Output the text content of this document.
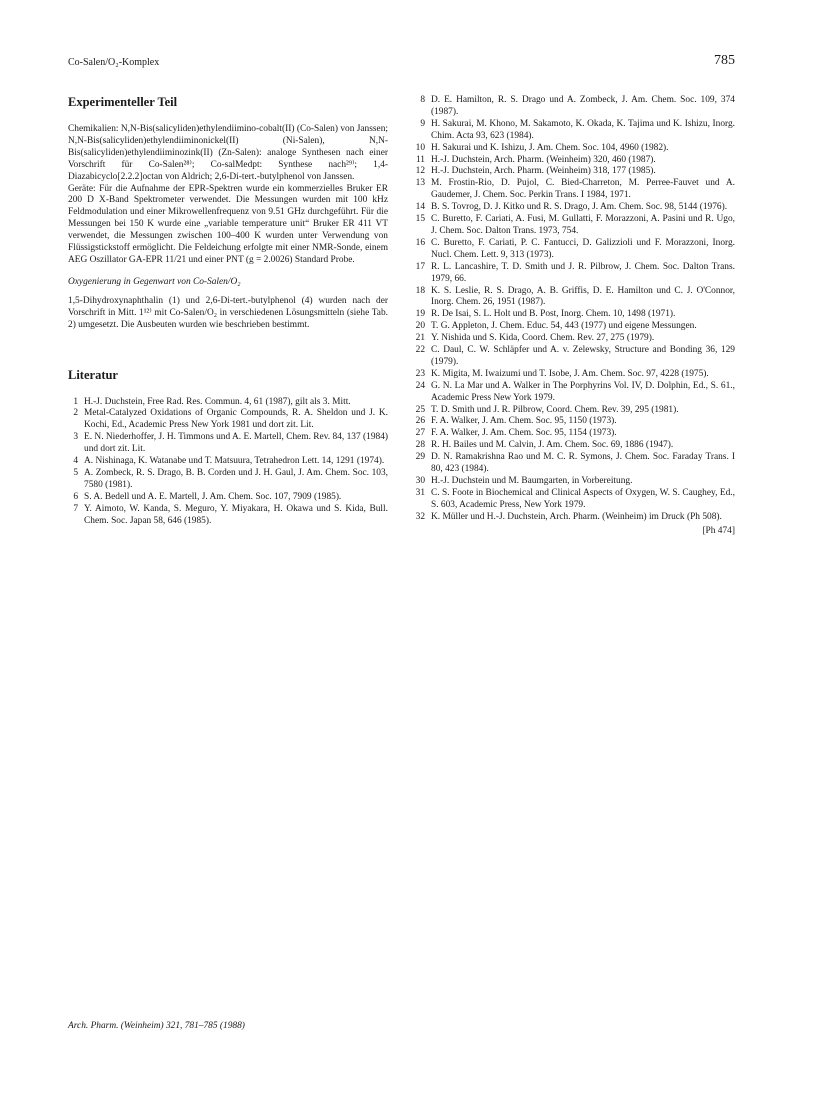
Co-Salen/O₂-Komplex	785
Experimenteller Teil
Chemikalien: N,N-Bis(salicyliden)ethylendiimino-cobalt(II) (Co-Salen) von Janssen; N,N-Bis(salicyliden)ethylendiiminonickel(II) (Ni-Salen), N,N-Bis(salicyliden)ethylendiiminozink(II) (Zn-Salen): analoge Synthesen nach einer Vorschrift für Co-Salen²⁸⁾; Co-salMedpt: Synthese nach²⁹⁾; 1,4-Diazabicyclo[2.2.2]octan von Aldrich; 2,6-Di-tert.-butylphenol von Janssen.
Geräte: Für die Aufnahme der EPR-Spektren wurde ein kommerzielles Bruker ER 200 D X-Band Spektrometer verwendet. Die Messungen wurden mit 100 kHz Feldmodulation und einer Mikrowellenfrequenz von 9.51 GHz durchgeführt. Für die Messungen bei 150 K wurde eine „variable temperature unit“ Bruker ER 411 VT verwendet, die Messungen zwischen 100–400 K wurden unter Verwendung von Flüssigstickstoff ermöglicht. Die Feldeichung erfolgte mit einer NMR-Sonde, einem AEG Oszillator GA-EPR 11/21 und einer PNT (g = 2.0026) Standard Probe.
Oxygenierung in Gegenwart von Co-Salen/O₂
1,5-Dihydroxynaphthalin (1) und 2,6-Di-tert.-butylphenol (4) wurden nach der Vorschrift in Mitt. 1¹²⁾ mit Co-Salen/O₂ in verschiedenen Lösungsmitteln (siehe Tab. 2) umgesetzt. Die Ausbeuten wurden wie beschrieben bestimmt.
Literatur
1 H.-J. Duchstein, Free Rad. Res. Commun. 4, 61 (1987), gilt als 3. Mitt.
2 Metal-Catalyzed Oxidations of Organic Compounds, R. A. Sheldon und J. K. Kochi, Ed., Academic Press New York 1981 und dort zit. Lit.
3 E. N. Niederhoffer, J. H. Timmons und A. E. Martell, Chem. Rev. 84, 137 (1984) und dort zit. Lit.
4 A. Nishinaga, K. Watanabe und T. Matsuura, Tetrahedron Lett. 14, 1291 (1974).
5 A. Zombeck, R. S. Drago, B. B. Corden und J. H. Gaul, J. Am. Chem. Soc. 103, 7580 (1981).
6 S. A. Bedell und A. E. Martell, J. Am. Chem. Soc. 107, 7909 (1985).
7 Y. Aimoto, W. Kanda, S. Meguro, Y. Miyakara, H. Okawa und S. Kida, Bull. Chem. Soc. Japan 58, 646 (1985).
8 D. E. Hamilton, R. S. Drago und A. Zombeck, J. Am. Chem. Soc. 109, 374 (1987).
9 H. Sakurai, M. Khono, M. Sakamoto, K. Okada, K. Tajima und K. Ishizu, Inorg. Chim. Acta 93, 623 (1984).
10 H. Sakurai und K. Ishizu, J. Am. Chem. Soc. 104, 4960 (1982).
11 H.-J. Duchstein, Arch. Pharm. (Weinheim) 320, 460 (1987).
12 H.-J. Duchstein, Arch. Pharm. (Weinheim) 318, 177 (1985).
13 M. Frostin-Rio, D. Pujol, C. Bied-Charreton, M. Perree-Fauvet und A. Gaudemer, J. Chem. Soc. Perkin Trans. I 1984, 1971.
14 B. S. Tovrog, D. J. Kitko und R. S. Drago, J. Am. Chem. Soc. 98, 5144 (1976).
15 C. Buretto, F. Cariati, A. Fusi, M. Gullatti, F. Morazzoni, A. Pasini und R. Ugo, J. Chem. Soc. Dalton Trans. 1973, 754.
16 C. Buretto, F. Cariati, P. C. Fantucci, D. Galizzioli und F. Morazzoni, Inorg. Nucl. Chem. Lett. 9, 313 (1973).
17 R. L. Lancashire, T. D. Smith und J. R. Pilbrow, J. Chem. Soc. Dalton Trans. 1979, 66.
18 K. S. Leslie, R. S. Drago, A. B. Griffis, D. E. Hamilton und C. J. O'Connor, Inorg. Chem. 26, 1951 (1987).
19 R. De Isai, S. L. Holt und B. Post, Inorg. Chem. 10, 1498 (1971).
20 T. G. Appleton, J. Chem. Educ. 54, 443 (1977) und eigene Messungen.
21 Y. Nishida und S. Kida, Coord. Chem. Rev. 27, 275 (1979).
22 C. Daul, C. W. Schläpfer und A. v. Zelewsky, Structure and Bonding 36, 129 (1979).
23 K. Migita, M. Iwaizumi und T. Isobe, J. Am. Chem. Soc. 97, 4228 (1975).
24 G. N. La Mar und A. Walker in The Porphyrins Vol. IV, D. Dolphin, Ed., S. 61., Academic Press New York 1979.
25 T. D. Smith und J. R. Pilbrow, Coord. Chem. Rev. 39, 295 (1981).
26 F. A. Walker, J. Am. Chem. Soc. 95, 1150 (1973).
27 F. A. Walker, J. Am. Chem. Soc. 95, 1154 (1973).
28 R. H. Bailes und M. Calvin, J. Am. Chem. Soc. 69, 1886 (1947).
29 D. N. Ramakrishna Rao und M. C. R. Symons, J. Chem. Soc. Faraday Trans. I 80, 423 (1984).
30 H.-J. Duchstein und M. Baumgarten, in Vorbereitung.
31 C. S. Foote in Biochemical and Clinical Aspects of Oxygen, W. S. Caughey, Ed., S. 603, Academic Press, New York 1979.
32 K. Müller und H.-J. Duchstein, Arch. Pharm. (Weinheim) im Druck (Ph 508).
[Ph 474]
Arch. Pharm. (Weinheim) 321, 781–785 (1988)
